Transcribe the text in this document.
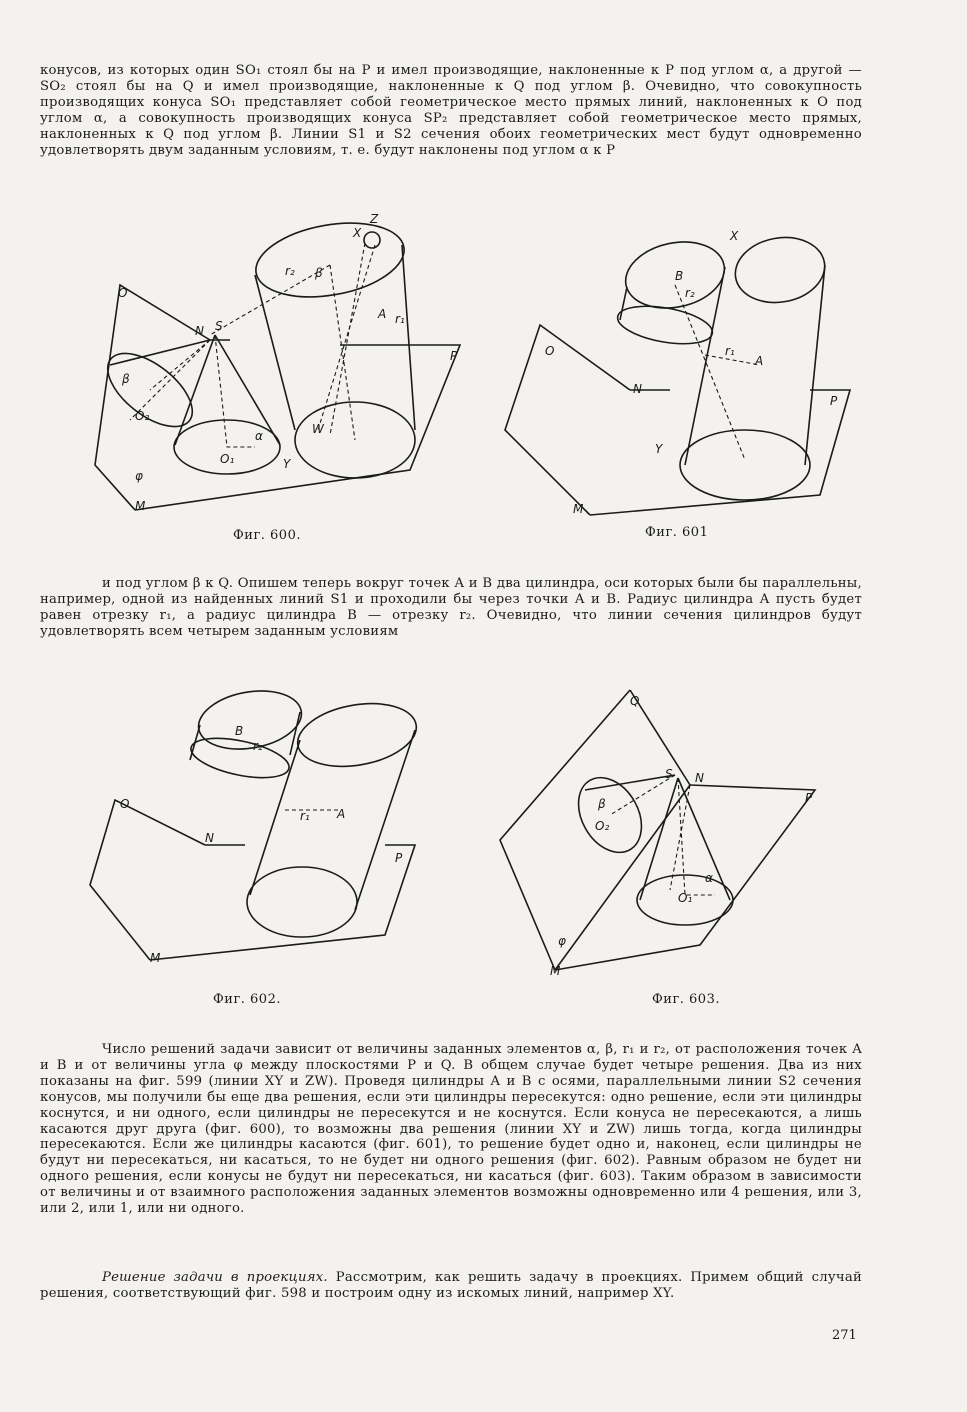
конусов, из которых один SO₁ стоял бы на P и имел производящие, наклоненные к P под углом α, а другой — SO₂ стоял бы на Q и имел производящие, наклоненные к Q под углом β. Очевидно, что совокупность производящих конуса SO₁ представляет собой геометрическое место прямых линий, наклоненных к O под углом α, а совокупность производящих конуса SP₂ представляет собой геометрическое место прямых, наклоненных к Q под углом β. Линии S1 и S2 сечения обоих геометрических мест будут одновременно удовлетворять двум заданным условиям, т. е. будут наклонены под углом α к P
Z
X
r₂ β
O
N S
A r₁
P
β
O₂
α
O₁
W
Y
φ
M
Фиг. 600.
X
B
r₂
O	r₁
A
N
P
Y
M
Фиг. 601
и под углом β к Q. Опишем теперь вокруг точек A и B два цилиндра, оси которых были бы параллельны, например, одной из найденных линий S1 и проходили бы через точки A и B. Радиус цилиндра A пусть будет равен отрезку r₁, а радиус цилиндра B — отрезку r₂. Очевидно, что линии сечения цилиндров будут удовлетворять всем четырем заданным условиям
B
r₂
O
r₁ A
N
P
M
Фиг. 602.
Q
S N
P
β
O₂
α
O₁
φ
M
Фиг. 603.
Число решений задачи зависит от величины заданных элементов α, β, r₁ и r₂, от расположения точек A и B и от величины угла φ между плоскостями P и Q. В общем случае будет четыре решения. Два из них показаны на фиг. 599 (линии XY и ZW). Проведя цилиндры A и B с осями, параллельными линии S2 сечения конусов, мы получили бы еще два решения, если эти цилиндры пересекутся: одно решение, если эти цилиндры коснутся, и ни одного, если цилиндры не пересекутся и не коснутся. Если конуса не пересекаются, а лишь касаются друг друга (фиг. 600), то возможны два решения (линии XY и ZW) лишь тогда, когда цилиндры пересекаются. Если же цилиндры касаются (фиг. 601), то решение будет одно и, наконец, если цилиндры не будут ни пересекаться, ни касаться, то не будет ни одного решения (фиг. 602). Равным образом не будет ни одного решения, если конусы не будут ни пересекаться, ни касаться (фиг. 603). Таким образом в зависимости от величины и от взаимного расположения заданных элементов возможны одновременно или 4 решения, или 3, или 2, или 1, или ни одного.
Решение задачи в проекциях. Рассмотрим, как решить задачу в проекциях. Примем общий случай решения, соответствующий фиг. 598 и построим одну из искомых линий, например XY.
271
